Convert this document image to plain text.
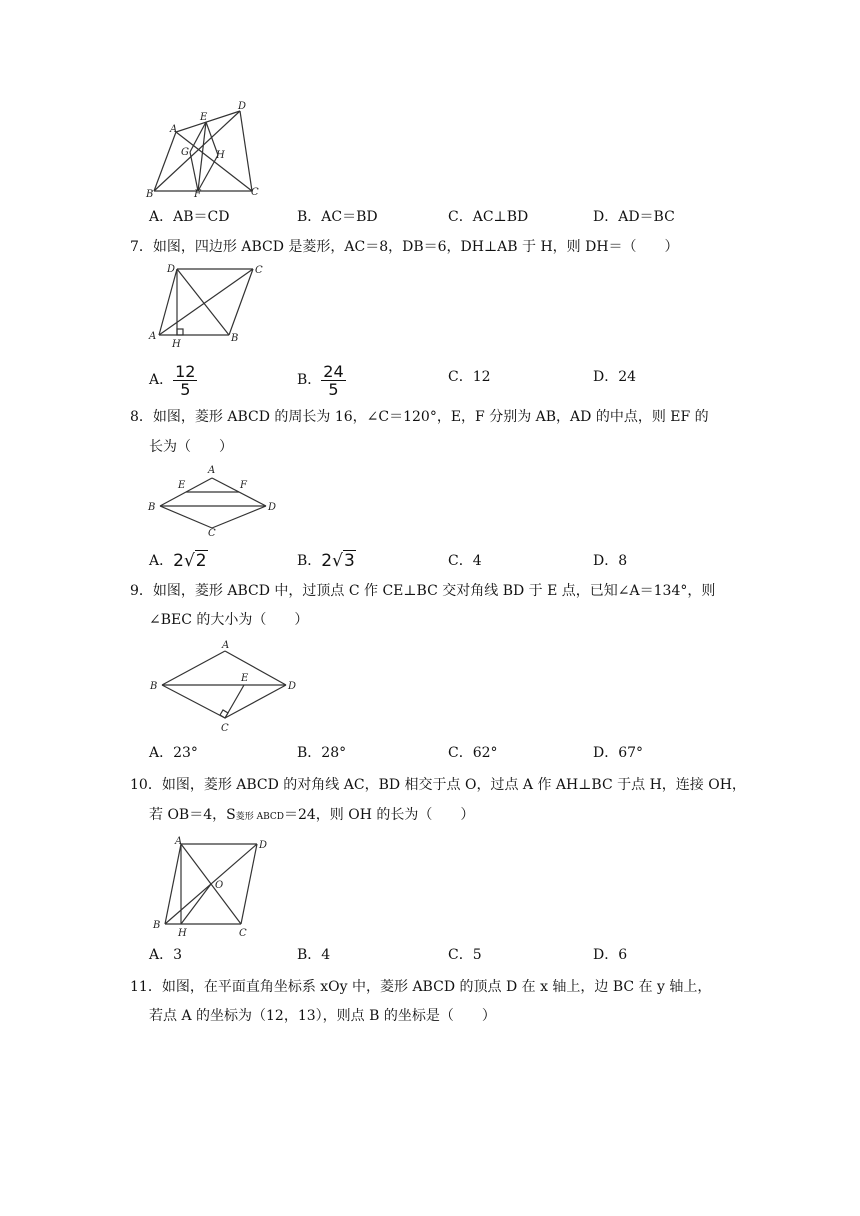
A
B	C
D
E
F
G	H
A．AB＝CD	B．AC＝BD	C．AC⊥BD	D．AD＝BC
7．如图，四边形 ABCD 是菱形，AC＝8，DB＝6，DH⊥AB 于 H，则 DH＝（　　）
D	C
A	B
H
A． $\frac{12}{5}$	B． $\frac{24}{5}$	C．12	D．24
8．如图，菱形 ABCD 的周长为 16，∠C＝120°，E，F 分别为 AB，AD 的中点，则 EF 的
长为（　　）
A
E	F
B	D
C
A． 2√2	B． 2√3	C．4	D．8
9．如图，菱形 ABCD 中，过顶点 C 作 CE⊥BC 交对角线 BD 于 E 点，已知∠A＝134°，则
∠BEC 的大小为（　　）
A
B	D
E
C
A．23°	B．28°	C．62°	D．67°
10．如图，菱形 ABCD 的对角线 AC，BD 相交于点 O，过点 A 作 AH⊥BC 于点 H，连接 OH，
若 OB＝4，S菱形 ABCD＝24，则 OH 的长为（　　）
A	D
O
B
H	C
A．3	B．4	C．5	D．6
11．如图，在平面直角坐标系 xOy 中，菱形 ABCD 的顶点 D 在 x 轴上，边 BC 在 y 轴上，
若点 A 的坐标为（12，13），则点 B 的坐标是（　　）
